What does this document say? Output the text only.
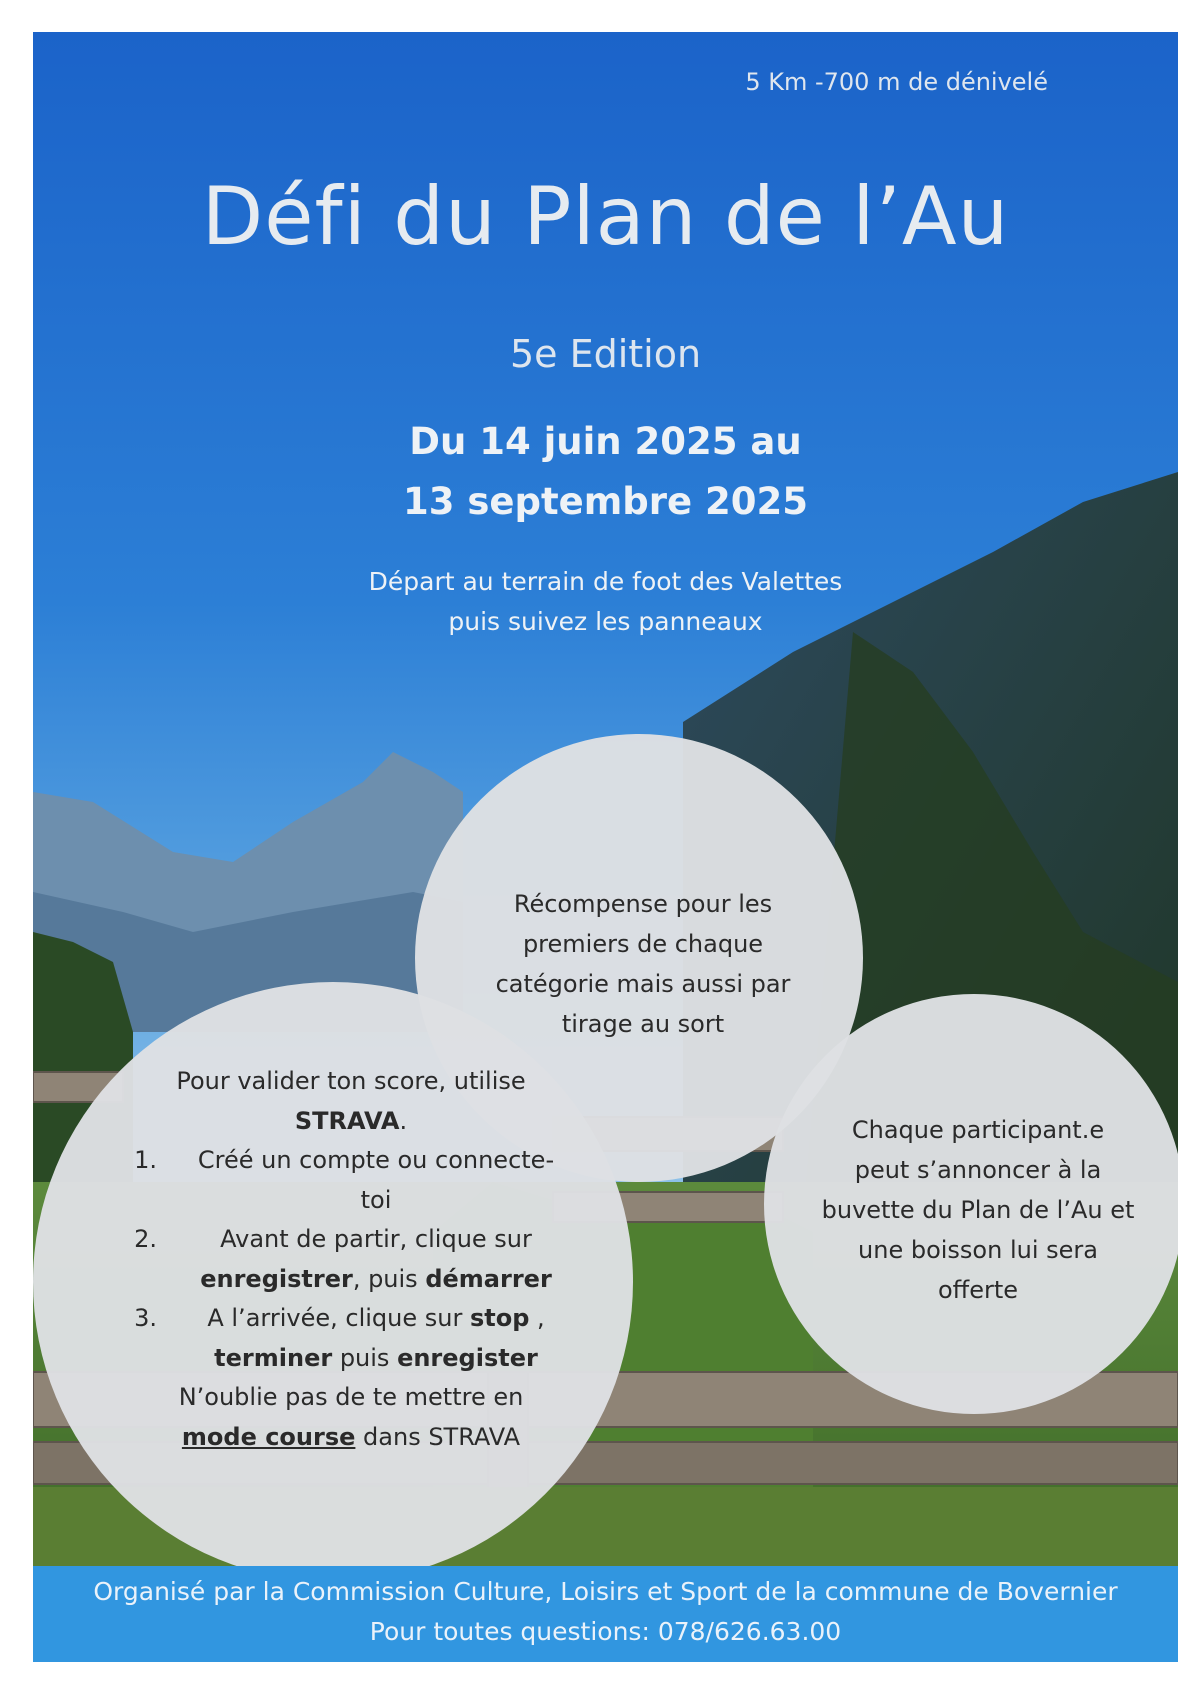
5 Km -700 m de dénivelé
Défi du Plan de l’Au
5e Edition
Du 14 juin 2025 au
13 septembre 2025
Départ au terrain de foot des Valettes
puis suivez les panneaux
Récompense pour les
premiers de chaque
catégorie mais aussi par
tirage au sort
Chaque participant.e
peut s’annoncer à la
buvette du Plan de l’Au et
une boisson lui sera
offerte
Pour valider ton score, utilise
STRAVA.
1.	Créé un compte ou connecte-
toi
2.	Avant de partir, clique sur
enregistrer, puis démarrer
3.	A l’arrivée, clique sur stop ,
terminer puis enregister
N’oublie pas de te mettre en
mode course dans STRAVA
Organisé par la Commission Culture, Loisirs et Sport de la commune de Bovernier
Pour toutes questions: 078/626.63.00
